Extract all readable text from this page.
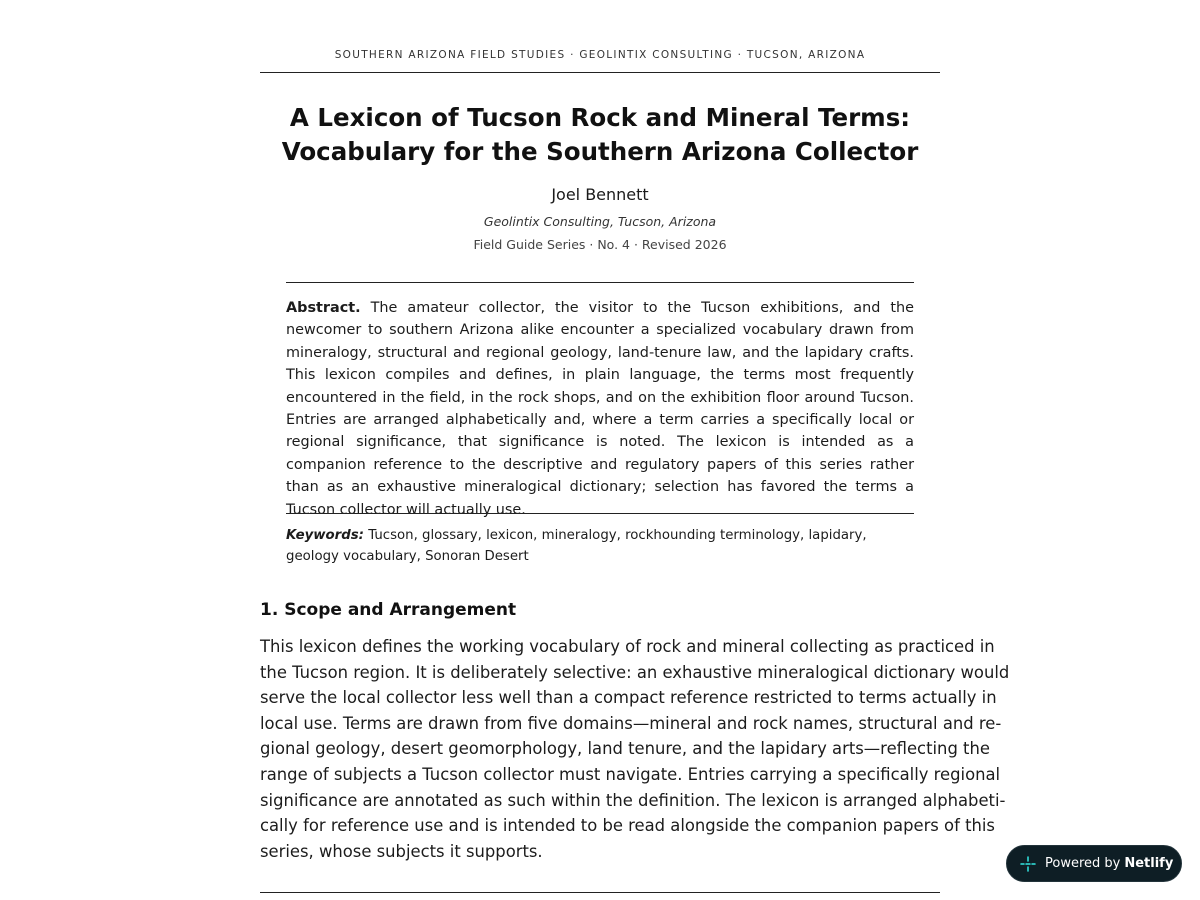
SOUTHERN ARIZONA FIELD STUDIES · GEOLINTIX CONSULTING · TUCSON, ARIZONA
A Lexicon of Tucson Rock and Mineral Terms:
Vocabulary for the Southern Arizona Collector
Joel Bennett
Geolintix Consulting, Tucson, Arizona
Field Guide Series · No. 4 · Revised 2026

Abstract. The amateur collector, the visitor to the Tucson exhibitions, and the newcomer to southern Arizona alike encounter a specialized vocabulary drawn from mineralogy, structural and regional geology, land-tenure law, and the lapidary crafts. This lexicon compiles and defines, in plain language, the terms most frequently encountered in the field, in the rock shops, and on the exhibition floor around Tucson. Entries are arranged alphabetically and, where a term carries a specifically local or regional significance, that significance is noted. The lexicon is intended as a companion reference to the descriptive and regulatory papers of this series rather than as an exhaustive mineralogical dictionary; selection has favored the terms a Tucson collector will actually use.

Keywords: Tucson, glossary, lexicon, mineralogy, rockhounding terminology, lapidary, geology vocabulary, Sonoran Desert

1. Scope and Arrangement

This lexicon defines the working vocabulary of rock and mineral collecting as practiced in
the Tucson region. It is deliberately selective: an exhaustive mineralogical dictionary would
serve the local collector less well than a compact reference restricted to terms actually in
local use. Terms are drawn from five domains—mineral and rock names, structural and re-
gional geology, desert geomorphology, land tenure, and the lapidary arts—reflecting the
range of subjects a Tucson collector must navigate. Entries carrying a specifically regional
significance are annotated as such within the definition. The lexicon is arranged alphabeti-
cally for reference use and is intended to be read alongside the companion papers of this
series, whose subjects it supports.

Powered by Netlify
